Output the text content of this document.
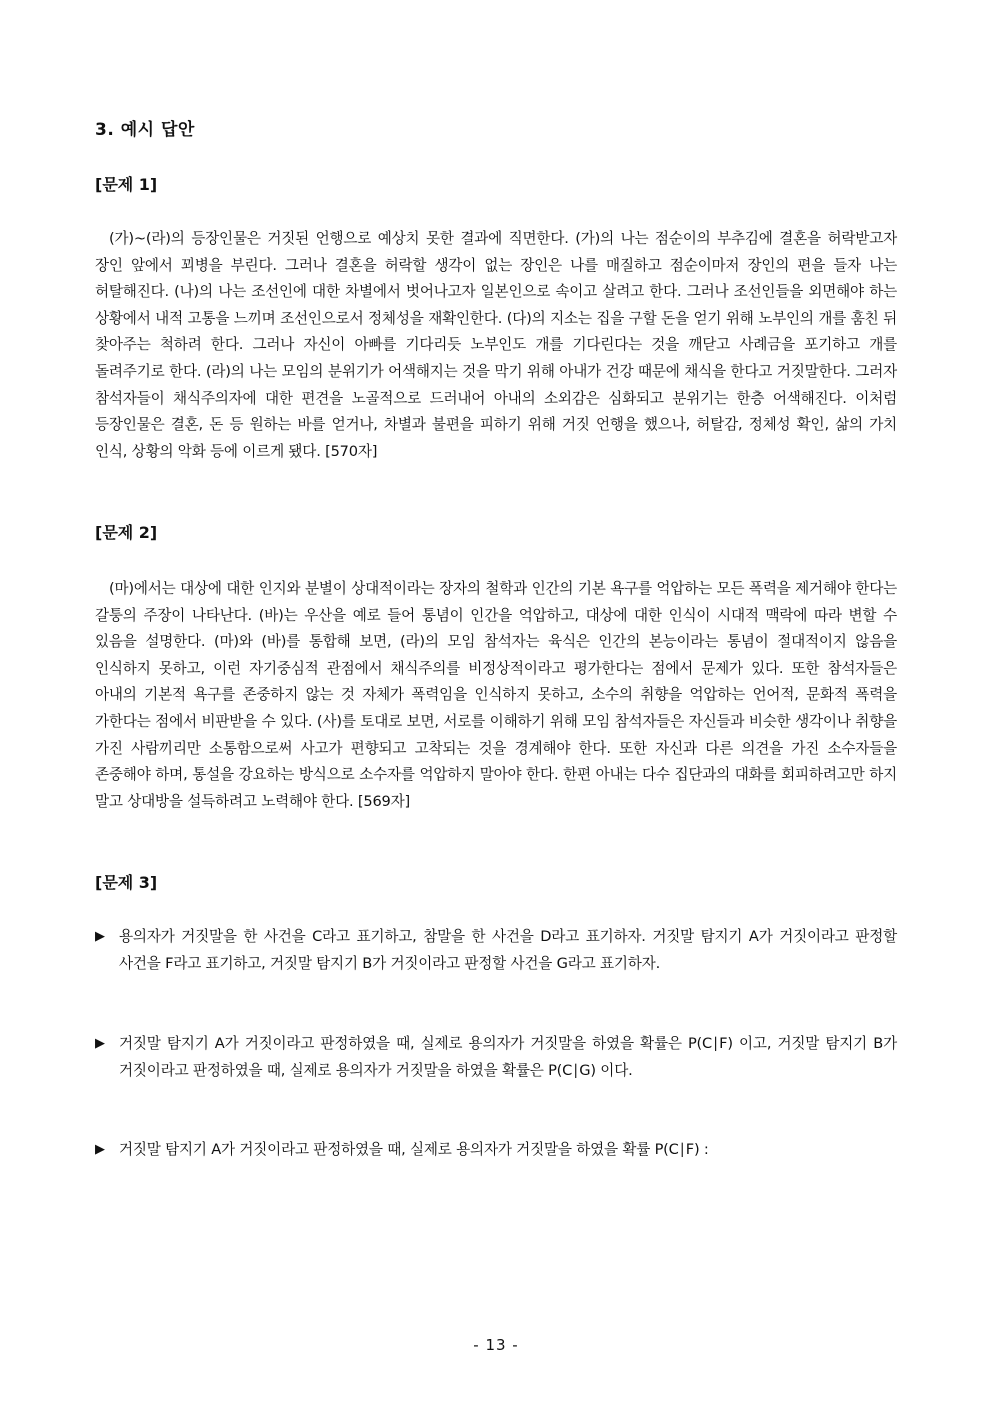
3. 예시 답안
[문제 1]
(가)~(라)의 등장인물은 거짓된 언행으로 예상치 못한 결과에 직면한다. (가)의 나는 점순이의 부추김에 결혼을 허락받고자 장인 앞에서 꾀병을 부린다. 그러나 결혼을 허락할 생각이 없는 장인은 나를 매질하고 점순이마저 장인의 편을 들자 나는 허탈해진다. (나)의 나는 조선인에 대한 차별에서 벗어나고자 일본인으로 속이고 살려고 한다. 그러나 조선인들을 외면해야 하는 상황에서 내적 고통을 느끼며 조선인으로서 정체성을 재확인한다. (다)의 지소는 집을 구할 돈을 얻기 위해 노부인의 개를 훔친 뒤 찾아주는 척하려 한다. 그러나 자신이 아빠를 기다리듯 노부인도 개를 기다린다는 것을 깨닫고 사례금을 포기하고 개를 돌려주기로 한다. (라)의 나는 모임의 분위기가 어색해지는 것을 막기 위해 아내가 건강 때문에 채식을 한다고 거짓말한다. 그러자 참석자들이 채식주의자에 대한 편견을 노골적으로 드러내어 아내의 소외감은 심화되고 분위기는 한층 어색해진다. 이처럼 등장인물은 결혼, 돈 등 원하는 바를 얻거나, 차별과 불편을 피하기 위해 거짓 언행을 했으나, 허탈감, 정체성 확인, 삶의 가치 인식, 상황의 악화 등에 이르게 됐다. [570자]
[문제 2]
(마)에서는 대상에 대한 인지와 분별이 상대적이라는 장자의 철학과 인간의 기본 욕구를 억압하는 모든 폭력을 제거해야 한다는 갈퉁의 주장이 나타난다. (바)는 우산을 예로 들어 통념이 인간을 억압하고, 대상에 대한 인식이 시대적 맥락에 따라 변할 수 있음을 설명한다. (마)와 (바)를 통합해 보면, (라)의 모임 참석자는 육식은 인간의 본능이라는 통념이 절대적이지 않음을 인식하지 못하고, 이런 자기중심적 관점에서 채식주의를 비정상적이라고 평가한다는 점에서 문제가 있다. 또한 참석자들은 아내의 기본적 욕구를 존중하지 않는 것 자체가 폭력임을 인식하지 못하고, 소수의 취향을 억압하는 언어적, 문화적 폭력을 가한다는 점에서 비판받을 수 있다. (사)를 토대로 보면, 서로를 이해하기 위해 모임 참석자들은 자신들과 비슷한 생각이나 취향을 가진 사람끼리만 소통함으로써 사고가 편향되고 고착되는 것을 경계해야 한다. 또한 자신과 다른 의견을 가진 소수자들을 존중해야 하며, 통설을 강요하는 방식으로 소수자를 억압하지 말아야 한다. 한편 아내는 다수 집단과의 대화를 회피하려고만 하지 말고 상대방을 설득하려고 노력해야 한다. [569자]
[문제 3]
▶ 용의자가 거짓말을 한 사건을 C라고 표기하고, 참말을 한 사건을 D라고 표기하자. 거짓말 탐지기 A가 거짓이라고 판정할 사건을 F라고 표기하고, 거짓말 탐지기 B가 거짓이라고 판정할 사건을 G라고 표기하자.
▶ 거짓말 탐지기 A가 거짓이라고 판정하였을 때, 실제로 용의자가 거짓말을 하였을 확률은 P(C∣F) 이고, 거짓말 탐지기 B가 거짓이라고 판정하였을 때, 실제로 용의자가 거짓말을 하였을 확률은 P(C∣G) 이다.
▶ 거짓말 탐지기 A가 거짓이라고 판정하였을 때, 실제로 용의자가 거짓말을 하였을 확률 P(C∣F) :
- 13 -
